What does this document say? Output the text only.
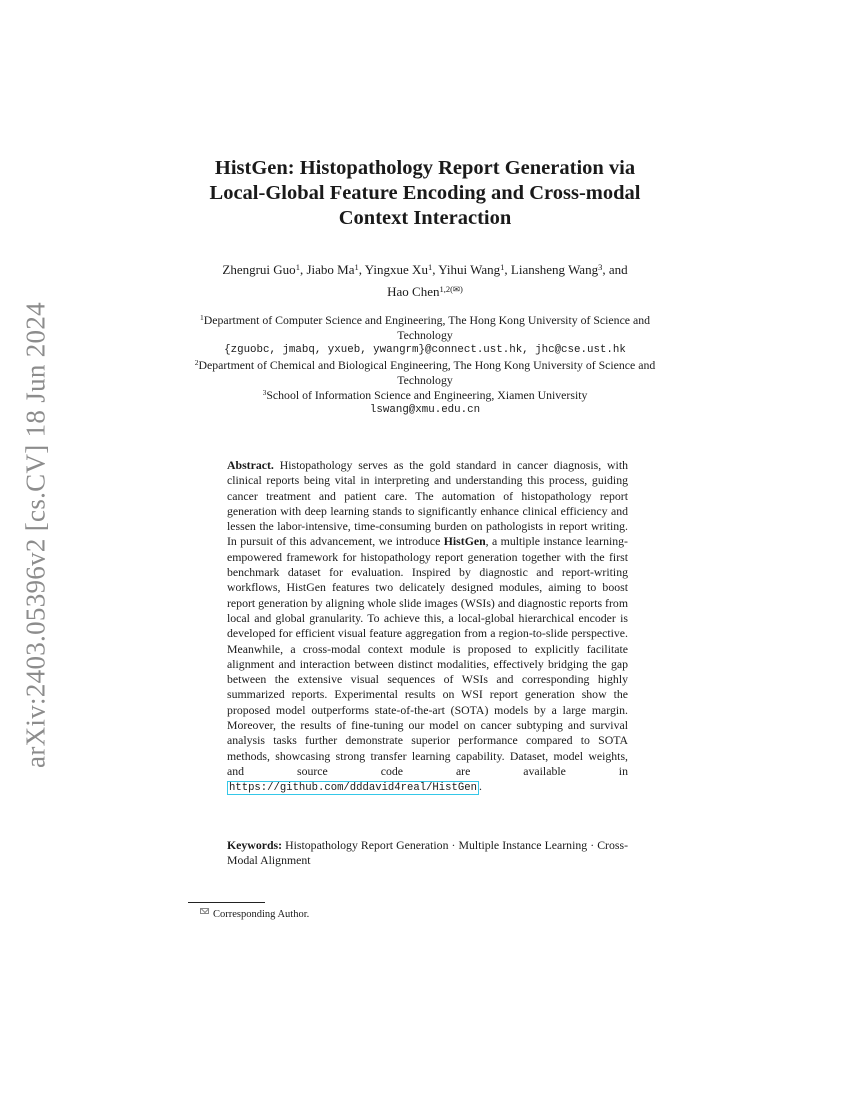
arXiv:2403.05396v2 [cs.CV] 18 Jun 2024
HistGen: Histopathology Report Generation via
Local-Global Feature Encoding and Cross-modal
Context Interaction
Zhengrui Guo$^1$, Jiabo Ma$^1$, Yingxue Xu$^1$, Yihui Wang$^1$, Liansheng Wang$^3$, and
Hao Chen$^{1,2(✉)}$
$^1$Department of Computer Science and Engineering, The Hong Kong University of Science and Technology
{zguobc, jmabq, yxueb, ywangrm}@connect.ust.hk, jhc@cse.ust.hk
$^2$Department of Chemical and Biological Engineering, The Hong Kong University of Science and Technology
$^3$School of Information Science and Engineering, Xiamen University
lswang@xmu.edu.cn
Abstract. Histopathology serves as the gold standard in cancer diagnosis, with clinical reports being vital in interpreting and understanding this process, guiding cancer treatment and patient care. The automation of histopathology report generation with deep learning stands to significantly enhance clinical efficiency and lessen the labor-intensive, time-consuming burden on pathologists in report writing. In pursuit of this advancement, we introduce HistGen, a multiple instance learning-empowered framework for histopathology report generation together with the first benchmark dataset for evaluation. Inspired by diagnostic and report-writing workflows, HistGen features two delicately designed modules, aiming to boost report generation by aligning whole slide images (WSIs) and diagnostic reports from local and global granularity. To achieve this, a local-global hierarchical encoder is developed for efficient visual feature aggregation from a region-to-slide perspective. Meanwhile, a cross-modal context module is proposed to explicitly facilitate alignment and interaction between distinct modalities, effectively bridging the gap between the extensive visual sequences of WSIs and corresponding highly summarized reports. Experimental results on WSI report generation show the proposed model outperforms state-of-the-art (SOTA) models by a large margin. Moreover, the results of fine-tuning our model on cancer subtyping and survival analysis tasks further demonstrate superior performance compared to SOTA methods, showcasing strong transfer learning capability. Dataset, model weights, and source code are available in https://github.com/dddavid4real/HistGen .
Keywords: Histopathology Report Generation · Multiple Instance Learning · Cross-Modal Alignment
Corresponding Author.
